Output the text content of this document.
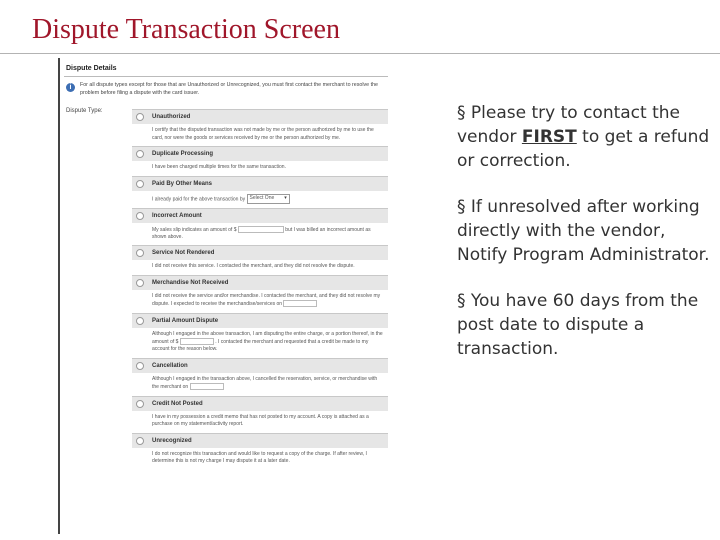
Dispute Transaction Screen
Dispute Details
i	For all dispute types except for those that are Unauthorized or Unrecognized, you must first contact the merchant to resolve the problem before filing a dispute with the card issuer.
Dispute Type:
Unauthorized
I certify that the disputed transaction was not made by me or the person authorized by me to use the card, nor were the goods or services received by me or the person authorized by me.
Duplicate Processing
I have been charged multiple times for the same transaction.
Paid By Other Means
I already paid for the above transaction by Select One ▾
Incorrect Amount
My sales slip indicates an amount of $	but I was billed an incorrect amount as shown above.
Service Not Rendered
I did not receive this service. I contacted the merchant, and they did not resolve the dispute.
Merchandise Not Received
I did not receive the service and/or merchandise. I contacted the merchant, and they did not resolve my dispute. I expected to receive the merchandise/services on
Partial Amount Dispute
Although I engaged in the above transaction, I am disputing the entire charge, or a portion thereof, in the amount of $	. I contacted the merchant and requested that a credit be made to my account for the reason below.
Cancellation
Although I engaged in the transaction above, I cancelled the reservation, service, or merchandise with the merchant on
Credit Not Posted
I have in my possession a credit memo that has not posted to my account. A copy is attached as a purchase on my statement/activity report.
Unrecognized
I do not recognize this transaction and would like to request a copy of the charge. If after review, I determine this is not my charge I may dispute it at a later date.
§ Please try to contact the vendor FIRST to get a refund or correction.
§ If unresolved after working directly with the vendor, Notify Program Administrator.
§ You have 60 days from the post date to dispute a transaction.
